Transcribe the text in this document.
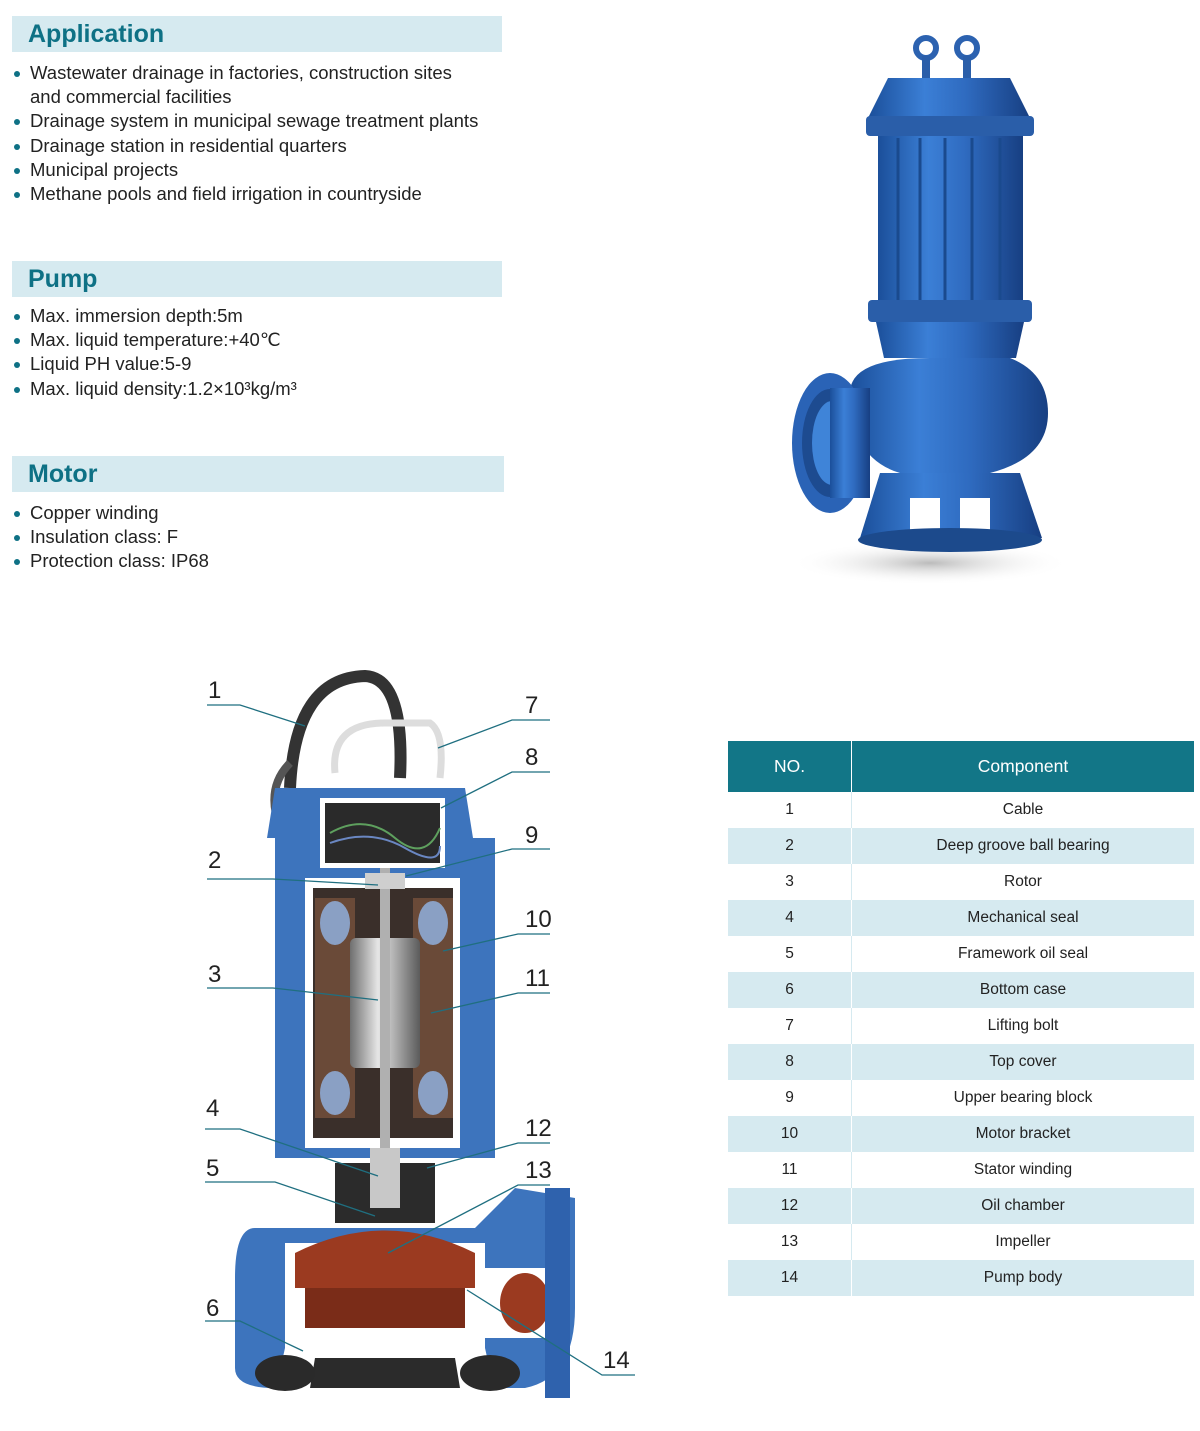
Application
Wastewater drainage in factories, construction sites
and commercial facilities
Drainage system in municipal sewage treatment plants
Drainage station in residential quarters
Municipal projects
Methane pools and field irrigation in countryside
Pump
Max. immersion depth:5m
Max. liquid temperature:+40℃
Liquid PH value:5-9
Max. liquid density:1.2×10³kg/m³
Motor
Copper winding
Insulation class: F
Protection class: IP68
1
2
3
4
5
6
7
8
9
10
11
12
13
14
NO.	Component
1	Cable
2	Deep groove ball bearing
3	Rotor
4	Mechanical seal
5	Framework oil seal
6	Bottom case
7	Lifting bolt
8	Top cover
9	Upper bearing block
10	Motor bracket
11	Stator winding
12	Oil chamber
13	Impeller
14	Pump body
